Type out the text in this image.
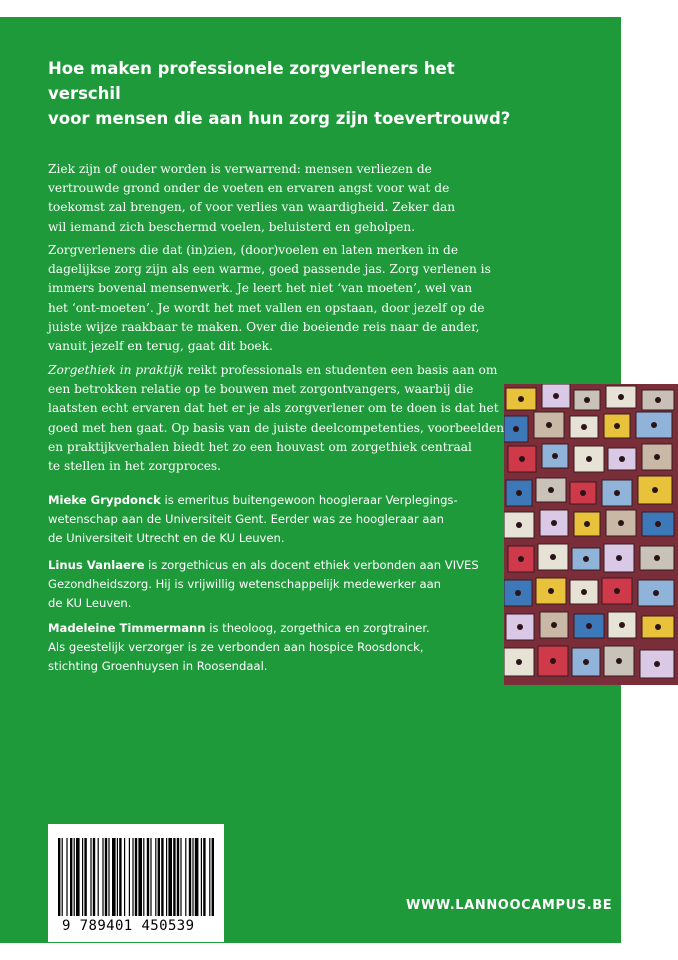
Hoe maken professionele zorgverleners het verschil
voor mensen die aan hun zorg zijn toevertrouwd?

Ziek zijn of ouder worden is verwarrend: mensen verliezen de
vertrouwde grond onder de voeten en ervaren angst voor wat de
toekomst zal brengen, of voor verlies van waardigheid. Zeker dan
wil iemand zich beschermd voelen, beluisterd en geholpen.

Zorgverleners die dat (in)zien, (door)voelen en laten merken in de
dagelijkse zorg zijn als een warme, goed passende jas. Zorg verlenen is
immers bovenal mensenwerk. Je leert het niet ‘van moeten’, wel van
het ‘ont-moeten’. Je wordt het met vallen en opstaan, door jezelf op de
juiste wijze raakbaar te maken. Over die boeiende reis naar de ander,
vanuit jezelf en terug, gaat dit boek.

Zorgethiek in praktijk reikt professionals en studenten een basis aan om
een betrokken relatie op te bouwen met zorgontvangers, waarbij die
laatsten echt ervaren dat het er je als zorgverlener om te doen is dat het
goed met hen gaat. Op basis van de juiste deelcompetenties, voorbeelden
en praktijkverhalen biedt het zo een houvast om zorgethiek centraal
te stellen in het zorgproces.

Mieke Grypdonck is emeritus buitengewoon hoogleraar Verplegings-
wetenschap aan de Universiteit Gent. Eerder was ze hoogleraar aan
de Universiteit Utrecht en de KU Leuven.

Linus Vanlaere is zorgethicus en als docent ethiek verbonden aan VIVES
Gezondheidszorg. Hij is vrijwillig wetenschappelijk medewerker aan
de KU Leuven.

Madeleine Timmermann is theoloog, zorgethica en zorgtrainer.
Als geestelijk verzorger is ze verbonden aan hospice Roosdonck,
stichting Groenhuysen in Roosendaal.

9 789401 450539
WWW.LANNOOCAMPUS.BE
